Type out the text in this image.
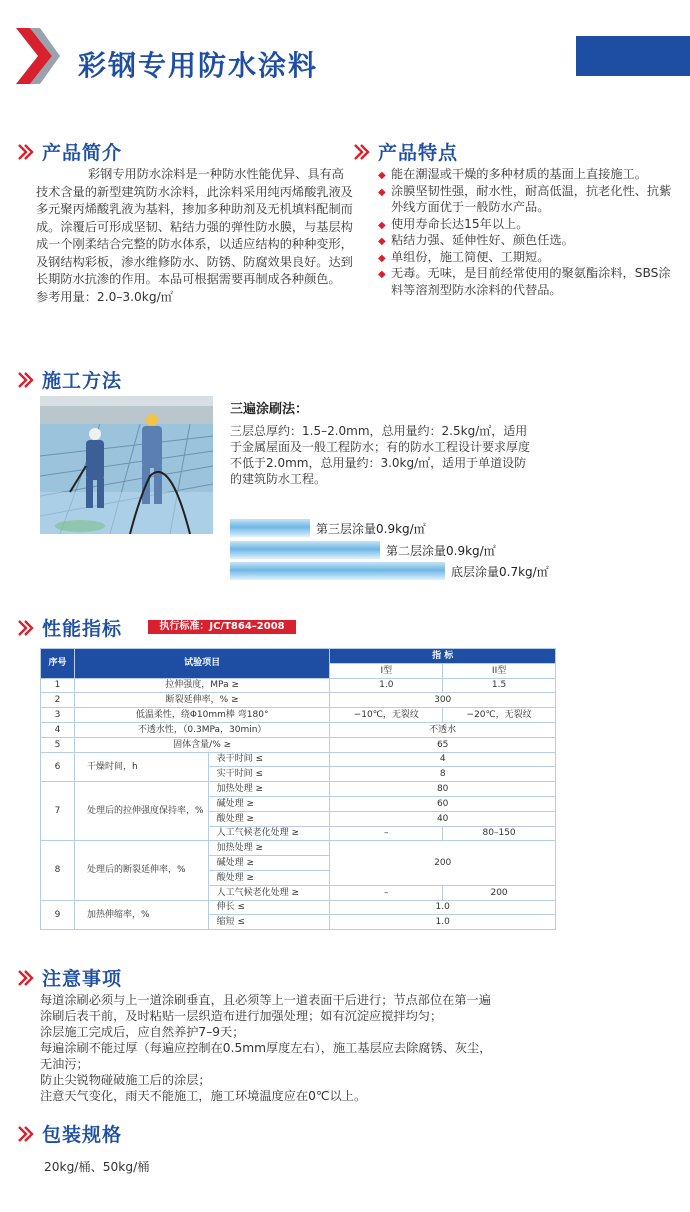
彩钢专用防水涂料
产品简介
彩钢专用防水涂料是一种防水性能优异、具有高技术含量的新型建筑防水涂料，此涂料采用纯丙烯酸乳液及多元聚丙烯酸乳液为基料，掺加多种助剂及无机填料配制而成。涂覆后可形成坚韧、粘结力强的弹性防水膜，与基层构成一个刚柔结合完整的防水体系，以适应结构的种种变形，及钢结构彩板，渗水维修防水、防锈、防腐效果良好。达到长期防水抗渗的作用。本品可根据需要再制成各种颜色。
参考用量：2.0–3.0kg/㎡
产品特点
◆ 能在潮湿或干燥的多种材质的基面上直接施工。
◆ 涂膜坚韧性强，耐水性，耐高低温，抗老化性、抗紫外线方面优于一般防水产品。
◆ 使用寿命长达15年以上。
◆ 粘结力强、延伸性好、颜色任选。
◆ 单组份，施工简便、工期短。
◆ 无毒。无味，是目前经常使用的聚氨酯涂料，SBS涂料等溶剂型防水涂料的代替品。
施工方法
三遍涂刷法：
三层总厚约：1.5–2.0mm，总用量约：2.5kg/㎡，适用于金属屋面及一般工程防水；有的防水工程设计要求厚度不低于2.0mm，总用量约：3.0kg/㎡，适用于单道设防的建筑防水工程。
第三层涂量0.9kg/㎡
第二层涂量0.9kg/㎡
底层涂量0.7kg/㎡
性能指标	执行标准：JC/T864–2008
序号	试验项目		指 标	
			I型	II型
1	拉伸强度，MPa ≥		1.0	1.5
2	断裂延伸率，% ≥		300	
3	低温柔性，绕Φ10mm棒 弯180°		−10℃，无裂纹	−20℃，无裂纹
4	不透水性，（0.3MPa，30min）		不透水	
5	固体含量/% ≥		65	
6	干燥时间，h	表干时间 ≤	4	
		实干时间 ≤	8	
7	处理后的拉伸强度保持率，%	加热处理 ≥	80	
		碱处理 ≥	60	
		酸处理 ≥	40	
		人工气候老化处理 ≥	–	80–150
8	处理后的断裂延伸率，%	加热处理 ≥	200	
		碱处理 ≥		
		酸处理 ≥		
		人工气候老化处理 ≥	–	200
9	加热伸缩率，%	伸长 ≤	1.0	
		缩短 ≤	1.0	
注意事项
每道涂刷必须与上一道涂刷垂直，且必须等上一道表面干后进行；节点部位在第一遍
涂刷后表干前，及时粘贴一层织造布进行加强处理；如有沉淀应搅拌均匀；
涂层施工完成后，应自然养护7–9天；
每遍涂刷不能过厚（每遍应控制在0.5mm厚度左右），施工基层应去除腐锈、灰尘，
无油污；
防止尖锐物碰破施工后的涂层；
注意天气变化，雨天不能施工，施工环境温度应在0℃以上。
包装规格
20kg/桶、50kg/桶
